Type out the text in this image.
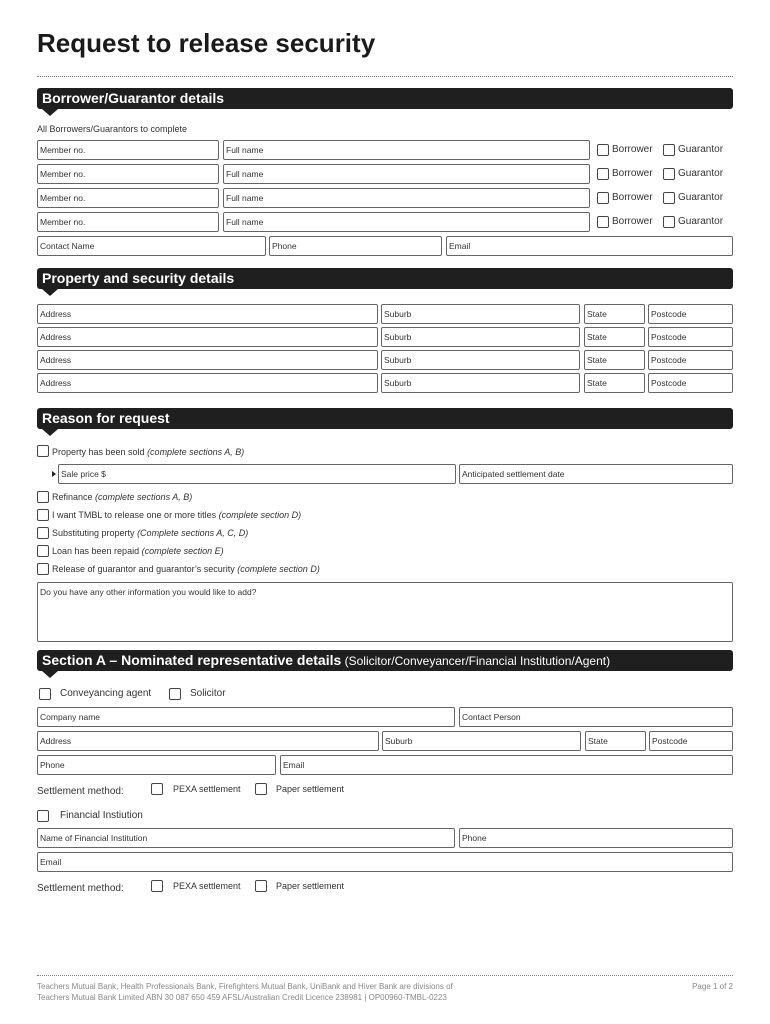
Request to release security
Borrower/Guarantor details
All Borrowers/Guarantors to complete
Member no.	Full name	Borrower	Guarantor
Member no.	Full name	Borrower	Guarantor
Member no.	Full name	Borrower	Guarantor
Member no.	Full name	Borrower	Guarantor
Contact Name	Phone	Email
Property and security details
Address	Suburb	State	Postcode
Address	Suburb	State	Postcode
Address	Suburb	State	Postcode
Address	Suburb	State	Postcode
Reason for request
Property has been sold (complete sections A, B)
Sale price $	Anticipated settlement date
Refinance (complete sections A, B)
I want TMBL to release one or more titles (complete section D)
Substituting property (Complete sections A, C, D)
Loan has been repaid (complete section E)
Release of guarantor and guarantor’s security (complete section D)
Do you have any other information you would like to add?
Section A – Nominated representative details (Solicitor/Conveyancer/Financial Institution/Agent)
Conveyancing agent	Solicitor
Company name	Contact Person
Address	Suburb	State	Postcode
Phone	Email
Settlement method:	PEXA settlement	Paper settlement
Financial Instiution
Name of Financial Institution	Phone
Email
Settlement method:	PEXA settlement	Paper settlement
Teachers Mutual Bank, Health Professionals Bank, Firefighters Mutual Bank, UniBank and Hiver Bank are divisions of
Teachers Mutual Bank Limited ABN 30 087 650 459 AFSL/Australian Credit Licence 238981 | OP00960-TMBL-0223
Page 1 of 2
